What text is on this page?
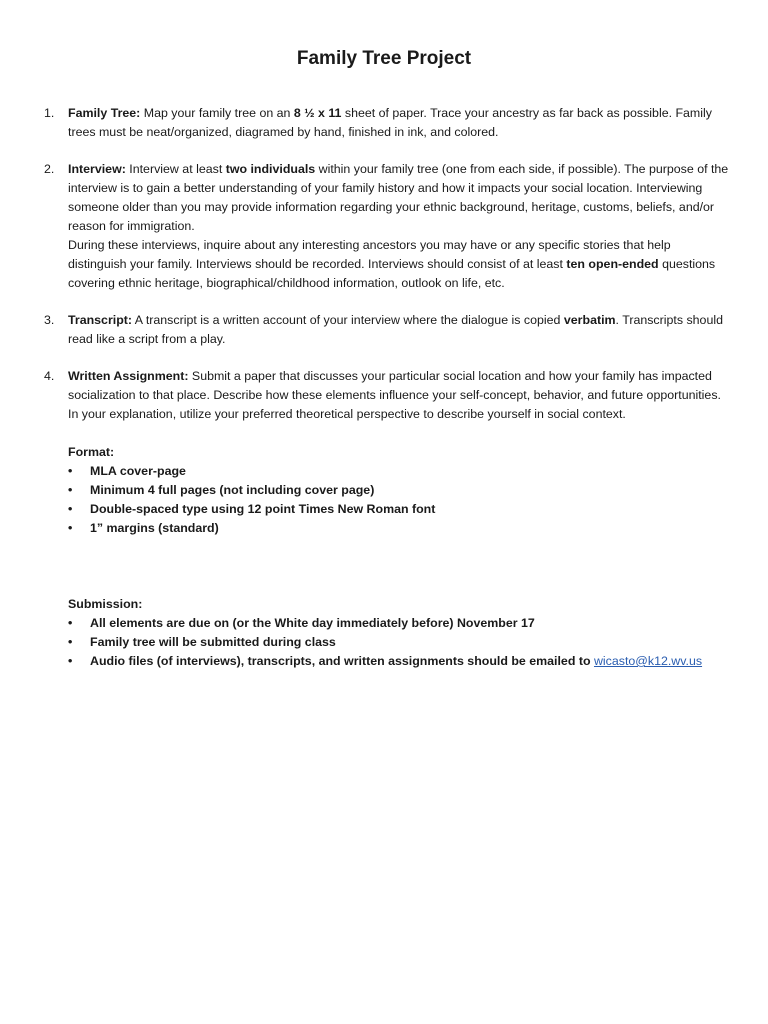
Family Tree Project
1. Family Tree: Map your family tree on an 8 ½ x 11 sheet of paper. Trace your ancestry as far back as possible. Family trees must be neat/organized, diagramed by hand, finished in ink, and colored.

2. Interview: Interview at least two individuals within your family tree (one from each side, if possible). The purpose of the interview is to gain a better understanding of your family history and how it impacts your social location. Interviewing someone older than you may provide information regarding your ethnic background, heritage, customs, beliefs, and/or reason for immigration.

During these interviews, inquire about any interesting ancestors you may have or any specific stories that help distinguish your family. Interviews should be recorded. Interviews should consist of at least ten open-ended questions covering ethnic heritage, biographical/childhood information, outlook on life, etc.

3. Transcript: A transcript is a written account of your interview where the dialogue is copied verbatim. Transcripts should read like a script from a play.

4. Written Assignment: Submit a paper that discusses your particular social location and how your family has impacted socialization to that place. Describe how these elements influence your self-concept, behavior, and future opportunities. In your explanation, utilize your preferred theoretical perspective to describe yourself in social context.

Format:

• MLA cover-page
• Minimum 4 full pages (not including cover page)
• Double-spaced type using 12 point Times New Roman font
• 1” margins (standard)

Submission:

• All elements are due on (or the White day immediately before) November 17
• Family tree will be submitted during class
• Audio files (of interviews), transcripts, and written assignments should be emailed to wicasto@k12.wv.us
